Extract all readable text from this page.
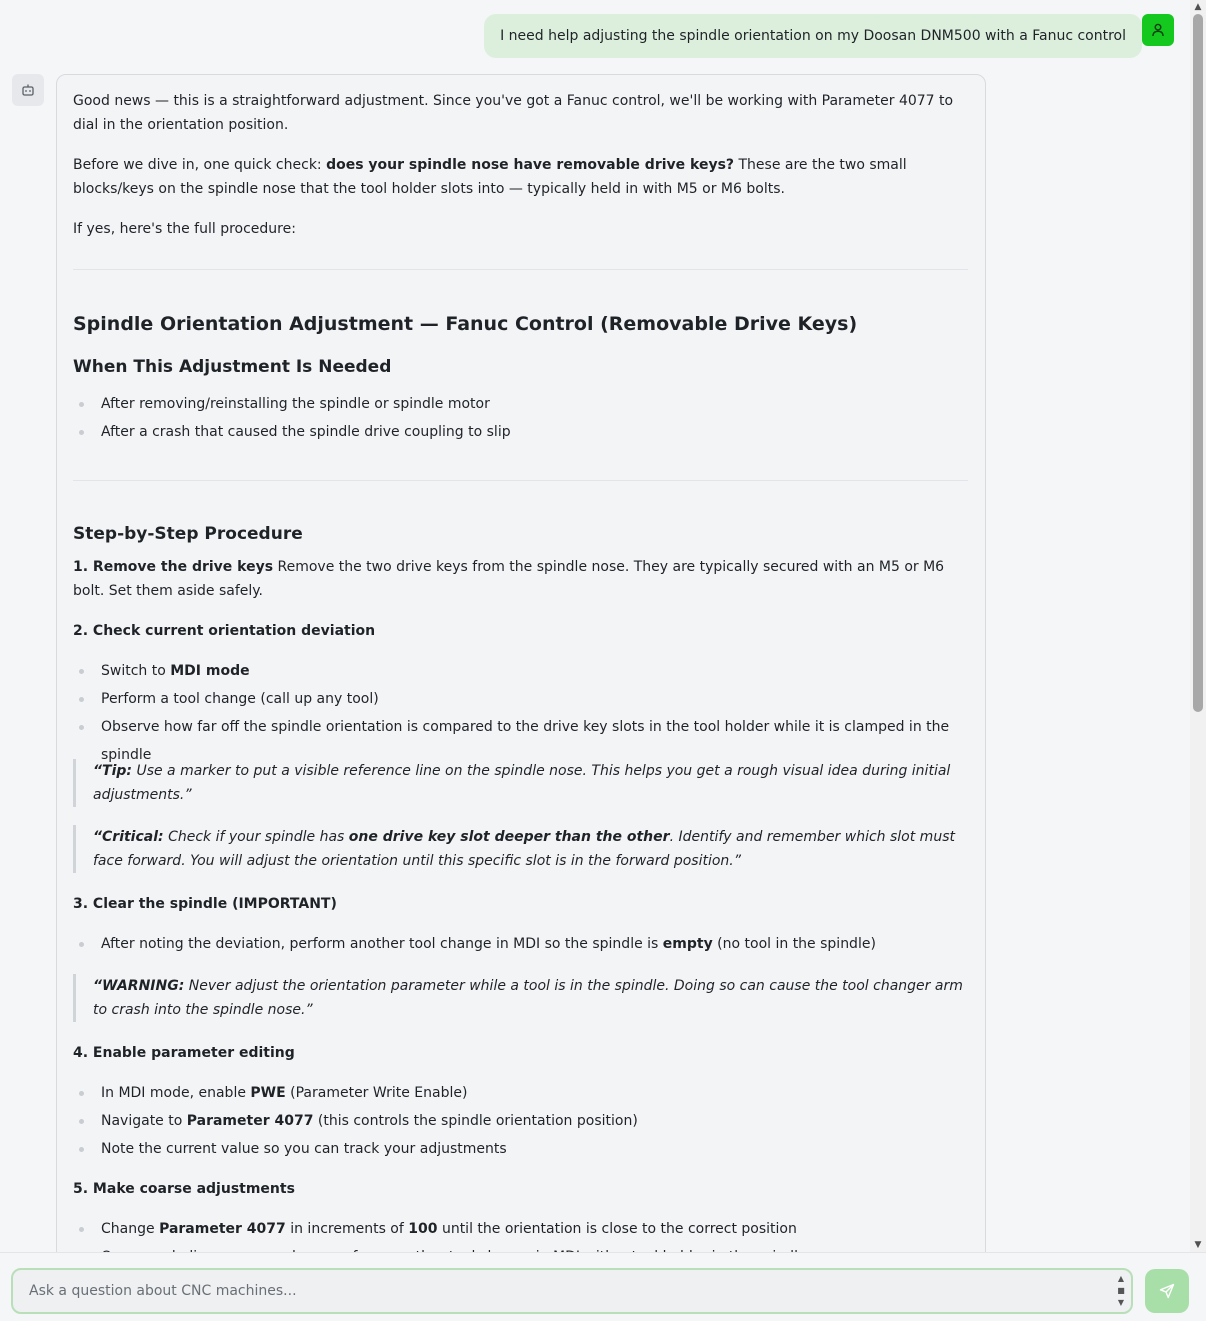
I need help adjusting the spindle orientation on my Doosan DNM500 with a Fanuc control

Good news — this is a straightforward adjustment. Since you've got a Fanuc control, we'll be working with Parameter 4077 to dial in the orientation position.

Before we dive in, one quick check: does your spindle nose have removable drive keys? These are the two small blocks/keys on the spindle nose that the tool holder slots into — typically held in with M5 or M6 bolts.

If yes, here's the full procedure:

Spindle Orientation Adjustment — Fanuc Control (Removable Drive Keys)
When This Adjustment Is Needed
After removing/reinstalling the spindle or spindle motor
After a crash that caused the spindle drive coupling to slip
Step-by-Step Procedure

1. Remove the drive keys Remove the two drive keys from the spindle nose. They are typically secured with an M5 or M6 bolt. Set them aside safely.

2. Check current orientation deviation

Switch to MDI mode
Perform a tool change (call up any tool)
Observe how far off the spindle orientation is compared to the drive key slots in the tool holder while it is clamped in the spindle
“Tip: Use a marker to put a visible reference line on the spindle nose. This helps you get a rough visual idea during initial adjustments.”
“Critical: Check if your spindle has one drive key slot deeper than the other. Identify and remember which slot must face forward. You will adjust the orientation until this specific slot is in the forward position.”

3. Clear the spindle (IMPORTANT)

After noting the deviation, perform another tool change in MDI so the spindle is empty (no tool in the spindle)
“WARNING: Never adjust the orientation parameter while a tool is in the spindle. Doing so can cause the tool changer arm to crash into the spindle nose.”

4. Enable parameter editing

In MDI mode, enable PWE (Parameter Write Enable)
Navigate to Parameter 4077 (this controls the spindle orientation position)
Note the current value so you can track your adjustments

5. Make coarse adjustments

Change Parameter 4077 in increments of 100 until the orientation is close to the correct position
▲
▼
Ask a question about CNC machines...
▲
■
▼
